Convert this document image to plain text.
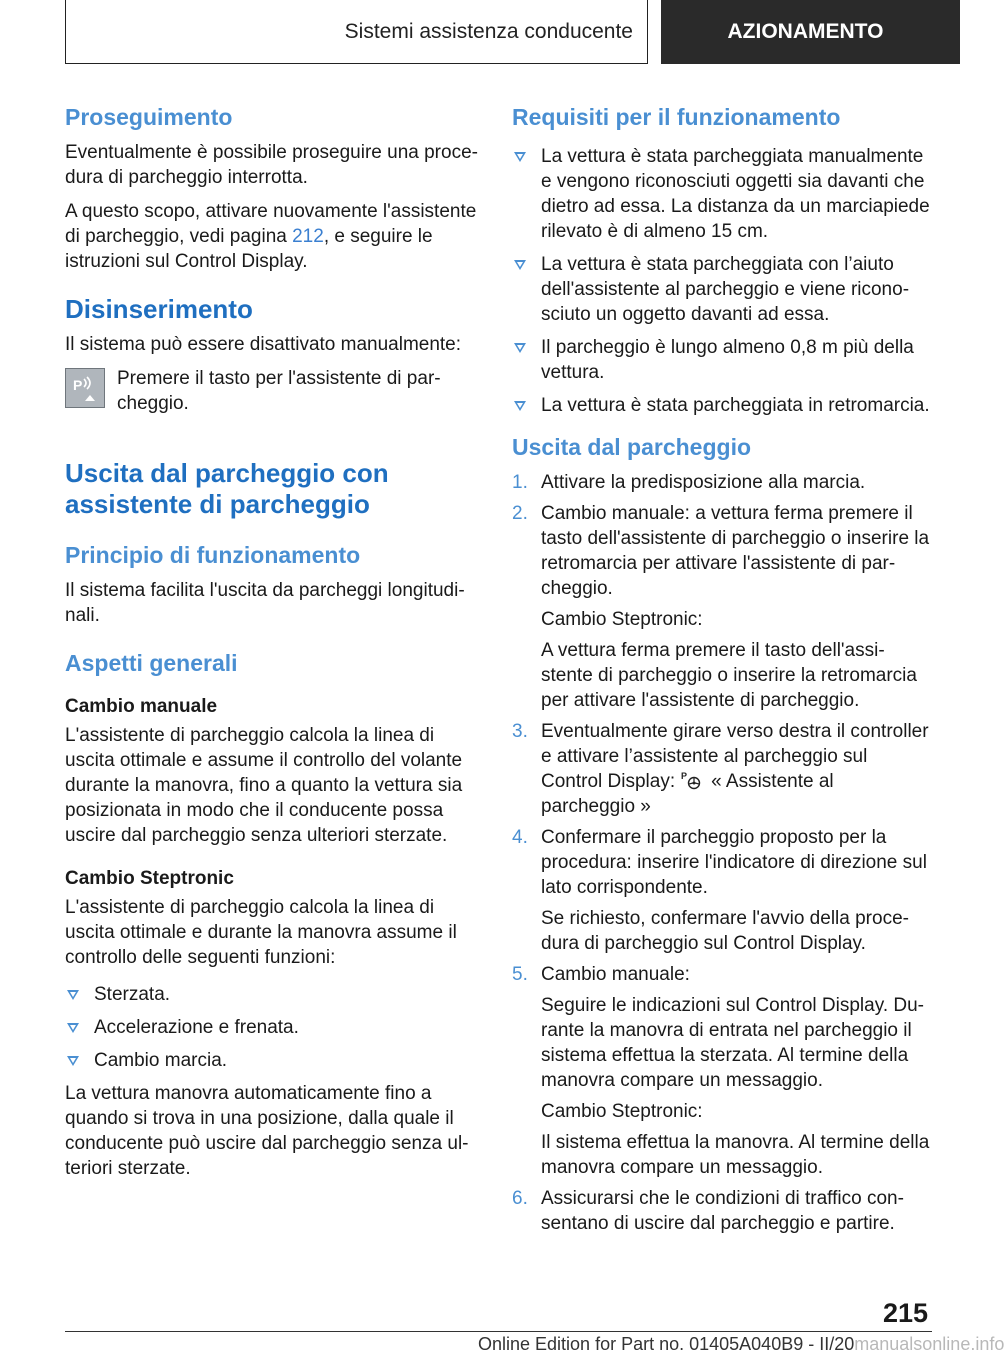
Sistemi assistenza conducente	AZIONAMENTO
Proseguimento

Eventualmente è possibile proseguire una procedura di parcheggio interrotta.

A questo scopo, attivare nuovamente l'assistente di parcheggio, vedi pagina 212, e seguire le istruzioni sul Control Display.

Disinserimento

Il sistema può essere disattivato manualmente:

P Premere il tasto per l'assistente di parcheggio.
Uscita dal parcheggio con assistente di parcheggio
Principio di funzionamento

Il sistema facilita l'uscita da parcheggi longitudinali.

Aspetti generali
Cambio manuale

L'assistente di parcheggio calcola la linea di uscita ottimale e assume il controllo del volante durante la manovra, fino a quanto la vettura sia posizionata in modo che il conducente possa uscire dal parcheggio senza ulteriori sterzate.

Cambio Steptronic

L'assistente di parcheggio calcola la linea di uscita ottimale e durante la manovra assume il controllo delle seguenti funzioni:

Sterzata.
Accelerazione e frenata.
Cambio marcia.

La vettura manovra automaticamente fino a quando si trova in una posizione, dalla quale il conducente può uscire dal parcheggio senza ulteriori sterzate.

Requisiti per il funzionamento
La vettura è stata parcheggiata manualmente e vengono riconosciuti oggetti sia davanti che dietro ad essa. La distanza da un marciapiede rilevato è di almeno 15 cm.
La vettura è stata parcheggiata con l’aiuto dell'assistente al parcheggio e viene riconosciuto un oggetto davanti ad essa.
Il parcheggio è lungo almeno 0,8 m più della vettura.
La vettura è stata parcheggiata in retromarcia.
Uscita dal parcheggio
1. Attivare la predisposizione alla marcia.
2. Cambio manuale: a vettura ferma premere il tasto dell'assistente di parcheggio o inserire la retromarcia per attivare l'assistente di parcheggio.
Cambio Steptronic:
A vettura ferma premere il tasto dell'assistente di parcheggio o inserire la retromarcia per attivare l'assistente di parcheggio.
3. Eventualmente girare verso destra il controller e attivare l’assistente al parcheggio sul Control Display: P « Assistente al parcheggio »
4. Confermare il parcheggio proposto per la procedura: inserire l'indicatore di direzione sul lato corrispondente.
Se richiesto, confermare l'avvio della procedura di parcheggio sul Control Display.
5. Cambio manuale:
Seguire le indicazioni sul Control Display. Durante la manovra di entrata nel parcheggio il sistema effettua la sterzata. Al termine della manovra compare un messaggio.
Cambio Steptronic:
Il sistema effettua la manovra. Al termine della manovra compare un messaggio.
6. Assicurarsi che le condizioni di traffico consentano di uscire dal parcheggio e partire.
215
Online Edition for Part no. 01405A040B9 - II/20manualsonline.info
